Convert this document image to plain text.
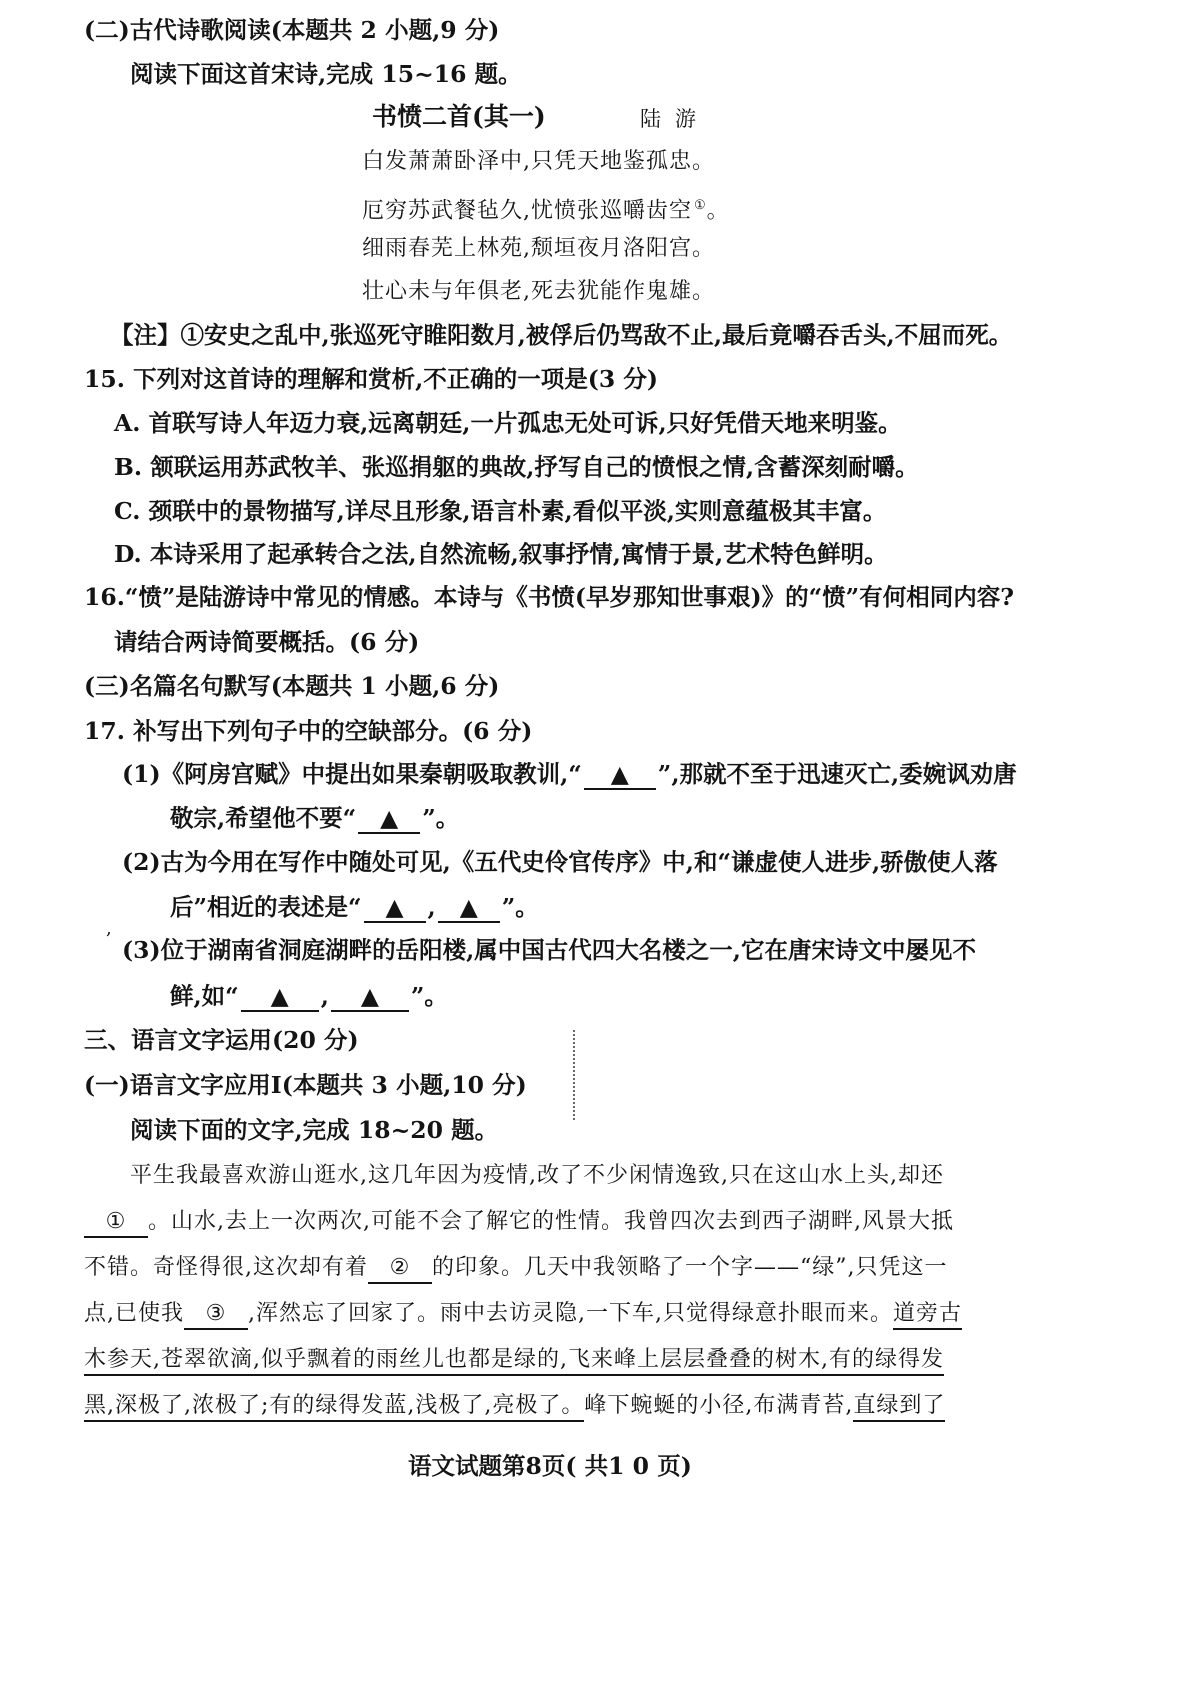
(二)古代诗歌阅读(本题共 2 小题,9 分)
阅读下面这首宋诗,完成 15~16 题。
书愤二首(其一)	陆游
白发萧萧卧泽中,只凭天地鉴孤忠。
厄穷苏武餐毡久,忧愤张巡嚼齿空 ①。
细雨春芜上林苑,颓垣夜月洛阳宫。
壮心未与年俱老,死去犹能作鬼雄。
【注】①安史之乱中,张巡死守睢阳数月,被俘后仍骂敌不止,最后竟嚼吞舌头,不屈而死。
15. 下列对这首诗的理解和赏析,不正确的一项是(3 分)
A. 首联写诗人年迈力衰,远离朝廷,一片孤忠无处可诉,只好凭借天地来明鉴。
B. 颔联运用苏武牧羊、张巡捐躯的典故,抒写自己的愤恨之情,含蓄深刻耐嚼。
C. 颈联中的景物描写,详尽且形象,语言朴素,看似平淡,实则意蕴极其丰富。
D. 本诗采用了起承转合之法,自然流畅,叙事抒情,寓情于景,艺术特色鲜明。
16.“愤”是陆游诗中常见的情感。本诗与《书愤(早岁那知世事艰)》的“愤”有何相同内容?
请结合两诗简要概括。(6 分)
(三)名篇名句默写(本题共 1 小题,6 分)
17. 补写出下列句子中的空缺部分。(6 分)
(1)《阿房宫赋》中提出如果秦朝吸取教训,“ ▲ ”,那就不至于迅速灭亡,委婉讽劝唐
敬宗,希望他不要“ ▲ ”。
(2)古为今用在写作中随处可见,《五代史伶官传序》中,和“谦虚使人进步,骄傲使人落
后”相近的表述是“ ▲ , ▲ ”。
,
(3)位于湖南省洞庭湖畔的岳阳楼,属中国古代四大名楼之一,它在唐宋诗文中屡见不
鲜,如“ ▲ , ▲ ”。
三、语言文字运用(20 分)
(一)语言文字应用Ⅰ(本题共 3 小题,10 分)
阅读下面的文字,完成 18~20 题。
平生我最喜欢游山逛水,这几年因为疫情,改了不少闲情逸致,只在这山水上头,却还
① 。山水,去上一次两次,可能不会了解它的性情。我曾四次去到西子湖畔,风景大抵
不错。奇怪得很,这次却有着 ② 的印象。几天中我领略了一个字——“绿”,只凭这一
点,已使我 ③ ,浑然忘了回家了。雨中去访灵隐,一下车,只觉得绿意扑眼而来。道旁古
木参天,苍翠欲滴,似乎飘着的雨丝儿也都是绿的,飞来峰上层层叠叠的树木,有的绿得发
黑,深极了,浓极了;有的绿得发蓝,浅极了,亮极了。峰下蜿蜒的小径,布满青苔,直绿到了
语文试题第8页( 共1 0 页)
